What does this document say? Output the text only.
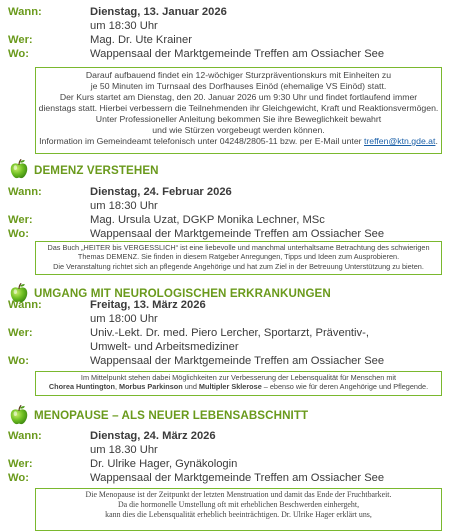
Wann:	Dienstag, 13. Januar 2026
um 18:30 Uhr
Wer:	Mag. Dr. Ute Krainer
Wo:	Wappensaal der Marktgemeinde Treffen am Ossiacher See

Darauf aufbauend findet ein 12-wöchiger Sturzpräventionskurs mit Einheiten zu

je 50 Minuten im Turnsaal des Dorfhauses Einöd (ehemalige VS Einöd) statt.

Der Kurs startet am Dienstag, den 20. Januar 2026 um 9:30 Uhr und findet fortlaufend immer

dienstags statt. Hierbei verbessern die Teilnehmenden ihr Gleichgewicht, Kraft und Reaktionsvermögen.

Unter Professioneller Anleitung bekommen Sie ihre Beweglichkeit bewahrt

und wie Stürzen vorgebeugt werden können.

Information im Gemeindeamt telefonisch unter 04248/2805-11 bzw. per E-Mail unter treffen@ktn.gde.at.

DEMENZ VERSTEHEN
Wann:	Dienstag, 24. Februar 2026
um 18:30 Uhr
Wer:	Mag. Ursula Uzat, DGKP Monika Lechner, MSc
Wo:	Wappensaal der Marktgemeinde Treffen am Ossiacher See

Das Buch „HEITER bis VERGESSLICH“ ist eine liebevolle und manchmal unterhaltsame Betrachtung des schwierigen

Themas DEMENZ. Sie finden in diesem Ratgeber Anregungen, Tipps und Ideen zum Ausprobieren.

Die Veranstaltung richtet sich an pflegende Angehörige und hat zum Ziel in der Betreuung Unterstützung zu bieten.

UMGANG MIT NEUROLOGISCHEN ERKRANKUNGEN
Wann:	Freitag, 13. März 2026
um 18:00 Uhr
Wer:	Univ.-Lekt. Dr. med. Piero Lercher, Sportarzt, Präventiv-,
Umwelt- und Arbeitsmediziner
Wo:	Wappensaal der Marktgemeinde Treffen am Ossiacher See

Im Mittelpunkt stehen dabei Möglichkeiten zur Verbesserung der Lebensqualität für Menschen mit

Chorea Huntington, Morbus Parkinson und Multipler Sklerose – ebenso wie für deren Angehörige und Pflegende.

MENOPAUSE – ALS NEUER LEBENSABSCHNITT
Wann:	Dienstag, 24. März 2026
um 18.30 Uhr
Wer:	Dr. Ulrike Hager, Gynäkologin
Wo:	Wappensaal der Marktgemeinde Treffen am Ossiacher See

Die Menopause ist der Zeitpunkt der letzten Menstruation und damit das Ende der Fruchtbarkeit.

Da die hormonelle Umstellung oft mit erheblichen Beschwerden einhergeht,

kann dies die Lebensqualität erheblich beeinträchtigen. Dr. Ulrike Hager erklärt uns,
